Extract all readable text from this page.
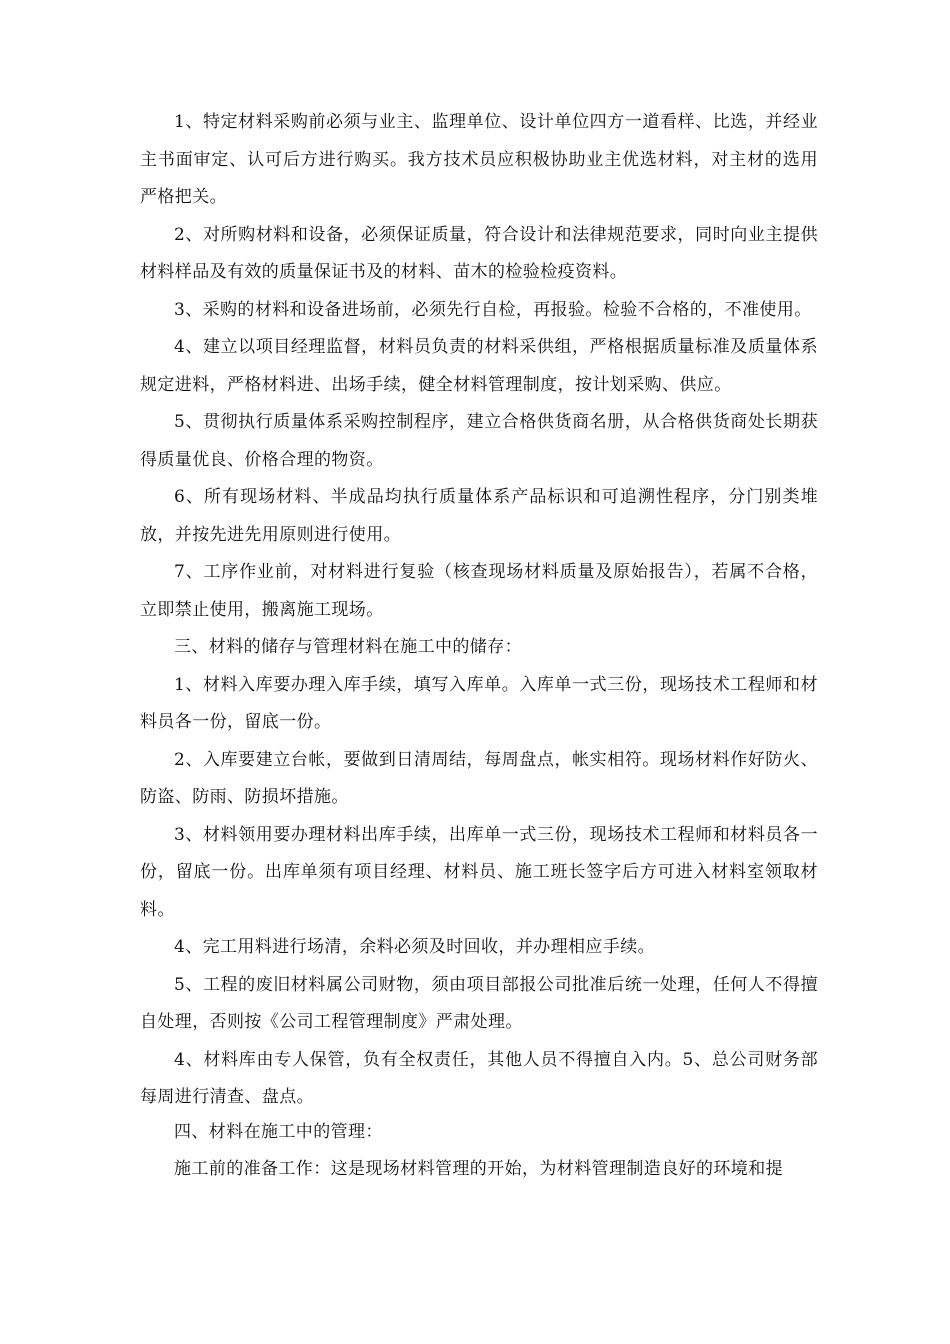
1、特定材料采购前必须与业主、监理单位、设计单位四方一道看样、比选，并经业主书面审定、认可后方进行购买。我方技术员应积极协助业主优选材料，对主材的选用严格把关。

2、对所购材料和设备，必须保证质量，符合设计和法律规范要求，同时向业主提供材料样品及有效的质量保证书及的材料、苗木的检验检疫资料。

3、采购的材料和设备进场前，必须先行自检，再报验。检验不合格的，不准使用。

4、建立以项目经理监督，材料员负责的材料采供组，严格根据质量标准及质量体系规定进料，严格材料进、出场手续，健全材料管理制度，按计划采购、供应。

5、贯彻执行质量体系采购控制程序，建立合格供货商名册，从合格供货商处长期获得质量优良、价格合理的物资。

6、所有现场材料、半成品均执行质量体系产品标识和可追溯性程序，分门别类堆放，并按先进先用原则进行使用。

7、工序作业前，对材料进行复验（核查现场材料质量及原始报告），若属不合格，立即禁止使用，搬离施工现场。

三、材料的储存与管理材料在施工中的储存：

1、材料入库要办理入库手续，填写入库单。入库单一式三份，现场技术工程师和材料员各一份，留底一份。

2、入库要建立台帐，要做到日清周结，每周盘点，帐实相符。现场材料作好防火、防盗、防雨、防损坏措施。

3、材料领用要办理材料出库手续，出库单一式三份，现场技术工程师和材料员各一份，留底一份。出库单须有项目经理、材料员、施工班长签字后方可进入材料室领取材料。

4、完工用料进行场清，余料必须及时回收，并办理相应手续。

5、工程的废旧材料属公司财物，须由项目部报公司批准后统一处理，任何人不得擅自处理，否则按《公司工程管理制度》严肃处理。

4、材料库由专人保管，负有全权责任，其他人员不得擅自入内。5、总公司财务部每周进行清查、盘点。

四、材料在施工中的管理：

施工前的准备工作：这是现场材料管理的开始，为材料管理制造良好的环境和提
